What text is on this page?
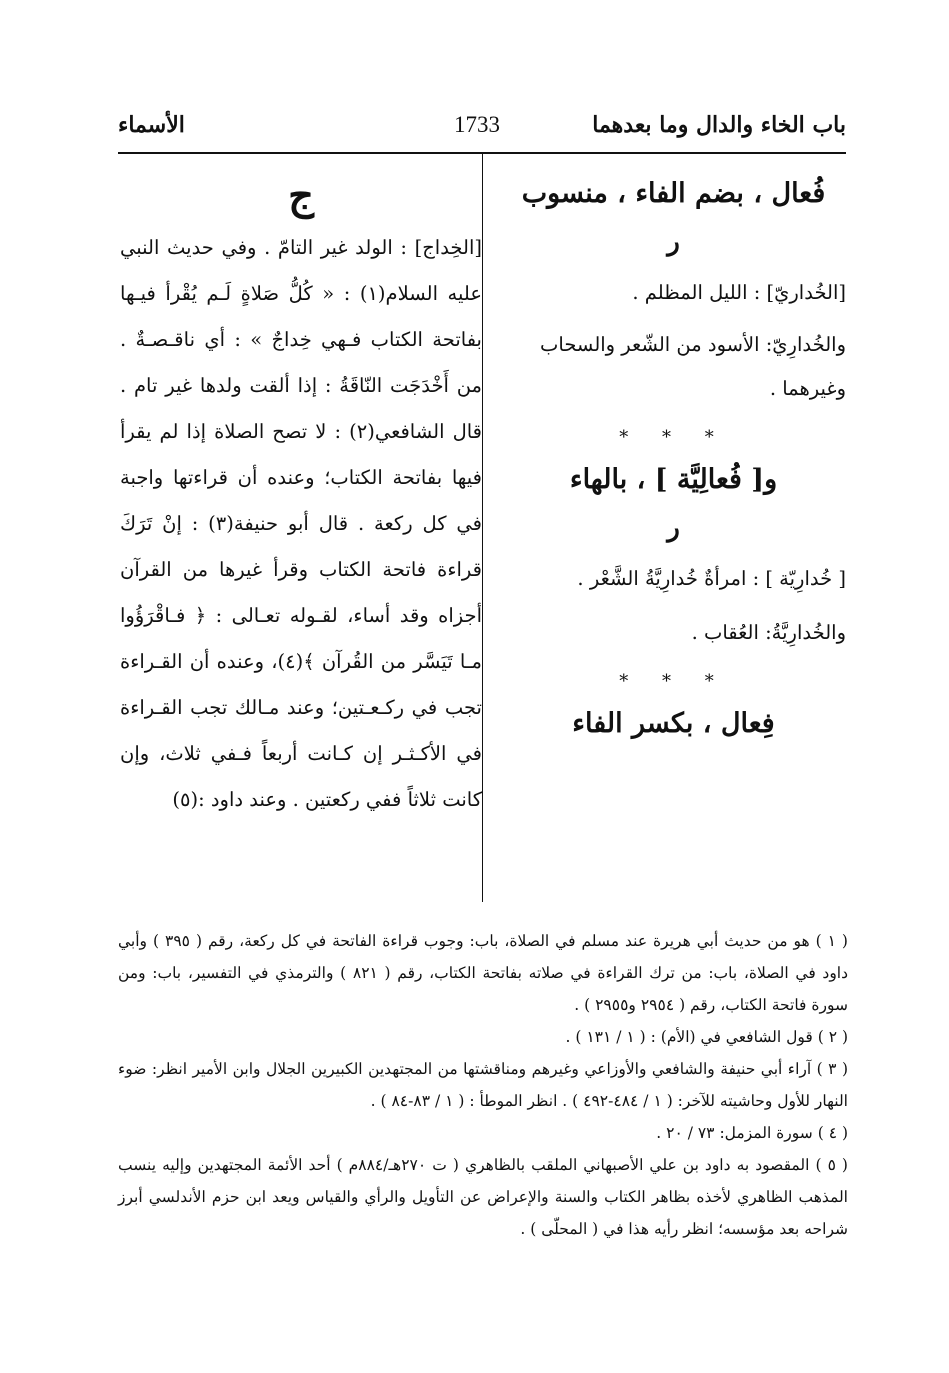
باب الخاء والدال وما بعدهما
1733
الأسماء
فُعال ، بضم الفاء ، منسوب
ر
[الخُداريّ] : الليل المظلم .
والخُدارِيّ: الأسود من الشّعر والسحاب وغيرهما .
* * *
و[ فُعالِيَّة ] ، بالهاء
ر
[ خُدارِيّة ] : امرأةٌ خُدارِيَّةُ الشَّعْر .
والخُدارِيَّةُ: العُقاب .
* * *
فِعال ، بكسر الفاء
ج
[الخِداج] : الولد غير التامّ . وفي حديث النبي عليه السلام(١) : « كُلُّ صَلاةٍ لَـم يُقْرأ فيـها بفاتحة الكتاب فـهي خِداجٌ » : أي ناقـصـةٌ . من أَخْدَجَت النّاقَةُ : إذا ألقت ولدها غير تام . قال الشافعي(٢) : لا تصح الصلاة إذا لم يقرأ فيها بفاتحة الكتاب؛ وعنده أن قراءتها واجبة في كل ركعة . قال أبو حنيفة(٣) : إنْ تَرَكَ قراءة فاتحة الكتاب وقرأ غيرها من القرآن أجزاه وقد أساء، لقـوله تعـالى : ﴿ فـاقْرَؤُوا مـا تَيَسَّر من القُرآن ﴾(٤)، وعنده أن القـراءة تجب في ركـعـتين؛ وعند مـالك تجب القـراءة في الأكـثـر إن كـانت أربعاً فـفي ثلاث، وإن كانت ثلاثاً ففي ركعتين . وعند داود :(٥)

( ١ ) هو من حديث أبي هريرة عند مسلم في الصلاة، باب: وجوب قراءة الفاتحة في كل ركعة، رقم ( ٣٩٥ ) وأبي داود في الصلاة، باب: من ترك القراءة في صلاته بفاتحة الكتاب، رقم ( ٨٢١ ) والترمذي في التفسير، باب: ومن سورة فاتحة الكتاب، رقم ( ٢٩٥٤ و٢٩٥٥ ) .

( ٢ ) قول الشافعي في (الأم) : ( ١ / ١٣١ ) .

( ٣ ) آراء أبي حنيفة والشافعي والأوزاعي وغيرهم ومناقشتها من المجتهدين الكبيرين الجلال وابن الأمير انظر: ضوء النهار للأول وحاشيته للآخر: ( ١ / ٤٨٤-٤٩٢ ) . انظر الموطأ : ( ١ / ٨٣-٨٤ ) .

( ٤ ) سورة المزمل: ٧٣ / ٢٠ .

( ٥ ) المقصود به داود بن علي الأصبهاني الملقب بالظاهري ( ت ٢٧٠هـ/٨٨٤م ) أحد الأئمة المجتهدين وإليه ينسب المذهب الظاهري لأخذه بظاهر الكتاب والسنة والإعراض عن التأويل والرأي والقياس ويعد ابن حزم الأندلسي أبرز شراحه بعد مؤسسه؛ انظر رأيه هذا في ( المحلّى ) .
